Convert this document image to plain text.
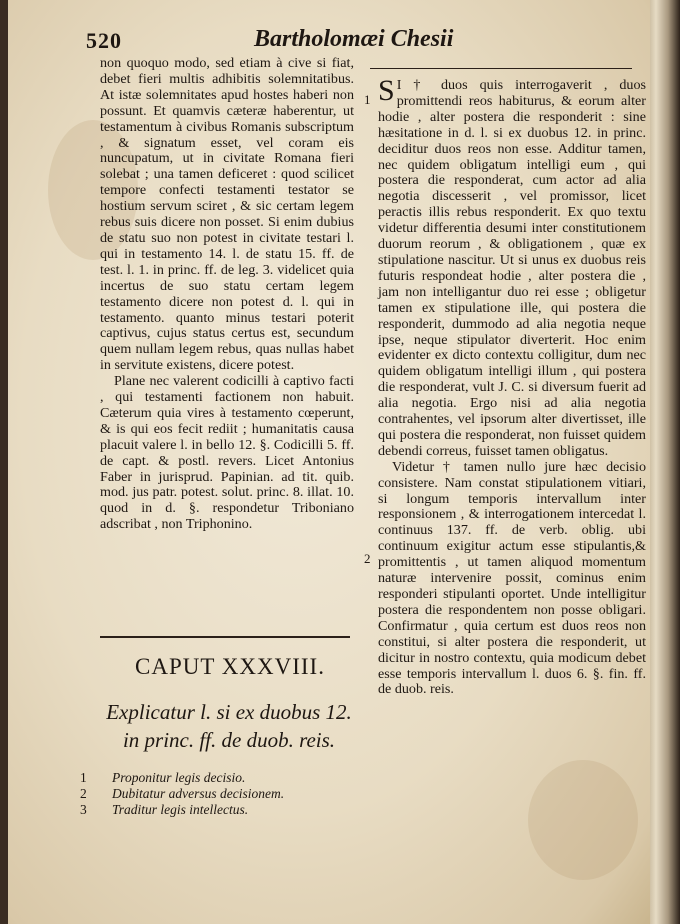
520	Bartholomæi Chesii

non quoquo modo, sed etiam à cive si fiat, debet fieri multis adhibitis solemnitatibus. At istæ solemnitates apud hostes haberi non possunt. Et quamvis cæteræ haberentur, ut testamentum à civibus Romanis subscriptum , & signatum esset, vel coram eis nuncupatum, ut in civitate Romana fieri solebat ; una tamen deficeret : quod scilicet tempore confecti testamenti testator se hostium servum sciret , & sic certam legem rebus suis dicere non posset. Si enim dubius de statu suo non potest in civitate testari l. qui in testamento 14. l. de statu 15. ff. de test. l. 1. in princ. ff. de leg. 3. videlicet quia incertus de suo statu certam legem testamento dicere non potest d. l. qui in testamento. quanto minus testari poterit captivus, cujus status certus est, secundum quem nullam legem rebus, quas nullas habet in servitute existens, dicere potest.

Plane nec valerent codicilli à captivo facti , qui testamenti factionem non habuit. Cæterum quia vires à testamento cœperunt, & is qui eos fecit rediit ; humanitatis causa placuit valere l. in bello 12. §. Codicilli 5. ff. de capt. & postl. revers. Licet Antonius Faber in jurisprud. Papinian. ad tit. quib. mod. jus patr. potest. solut. princ. 8. illat. 10. quod in d. §. respondetur Triboniano adscribat , non Triphonino.

CAPUT XXXVIII.
Explicatur l. si ex duobus 12.
in princ. ff. de duob. reis.
1 Proponitur legis decisio.
2 Dubitatur adversus decisionem.
3 Traditur legis intellectus.
1
2

S I † duos quis interrogaverit , duos promittendi reos habiturus, & eorum alter hodie , alter postera die responderit : sine hæsitatione in d. l. si ex duobus 12. in princ. deciditur duos reos non esse. Additur tamen, nec quidem obligatum intelligi eum , qui postera die responderat, cum actor ad alia negotia discesserit , vel promissor, licet peractis illis rebus responderit. Ex quo textu videtur differentia desumi inter constitutionem duorum reorum , & obligationem , quæ ex stipulatione nascitur. Ut si unus ex duobus reis futuris respondeat hodie , alter postera die , jam non intelligantur duo rei esse ; obligetur tamen ex stipulatione ille, qui postera die responderit, dummodo ad alia negotia neque ipse, neque stipulator diverterit. Hoc enim evidenter ex dicto contextu colligitur, dum nec quidem obligatum intelligi illum , qui postera die responderat, vult J. C. si diversum fuerit ad alia negotia. Ergo nisi ad alia negotia contrahentes, vel ipsorum alter divertisset, ille qui postera die responderat, non fuisset quidem debendi correus, fuisset tamen obligatus.

Videtur † tamen nullo jure hæc decisio consistere. Nam constat stipulationem vitiari, si longum temporis intervallum inter responsionem , & interrogationem intercedat l. continuus 137. ff. de verb. oblig. ubi continuum exigitur actum esse stipulantis,& promittentis , ut tamen aliquod momentum naturæ intervenire possit, cominus enim responderi stipulanti oportet. Unde intelligitur postera die respondentem non posse obligari. Confirmatur , quia certum est duos reos non constitui, si alter postera die responderit, ut dicitur in nostro contextu, quia modicum debet esse temporis intervallum l. duos 6. §. fin. ff. de duob. reis.
